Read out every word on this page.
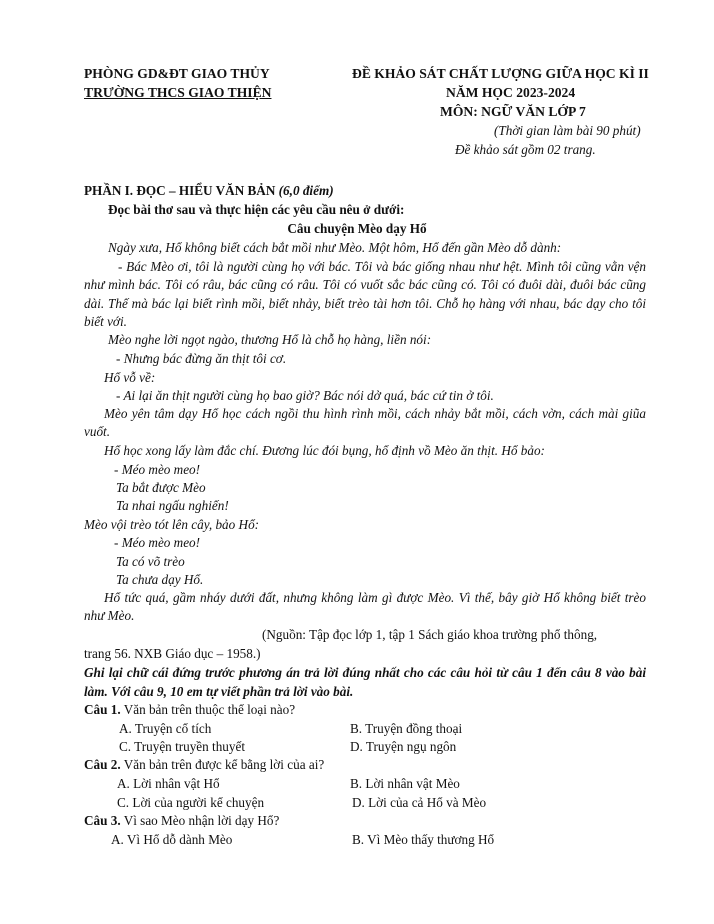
PHÒNG GD&ĐT GIAO THỦY
TRƯỜNG THCS GIAO THIỆN
ĐỀ KHẢO SÁT CHẤT LƯỢNG GIỮA HỌC KÌ II
NĂM HỌC 2023-2024
MÔN: NGỮ VĂN LỚP 7
(Thời gian làm bài 90 phút)
Đề khảo sát gồm 02 trang.
PHẦN I. ĐỌC – HIỂU VĂN BẢN (6,0 điểm)
Đọc bài thơ sau và thực hiện các yêu cầu nêu ở dưới:
Câu chuyện Mèo dạy Hổ
Ngày xưa, Hổ không biết cách bắt mồi như Mèo. Một hôm, Hổ đến gần Mèo dỗ dành:
- Bác Mèo ơi, tôi là người cùng họ với bác. Tôi và bác giống nhau như hệt. Mình tôi cũng vằn vện như mình bác. Tôi có râu, bác cũng có râu. Tôi có vuốt sắc bác cũng có. Tôi có đuôi dài, đuôi bác cũng dài. Thế mà bác lại biết rình mồi, biết nhảy, biết trèo tài hơn tôi. Chỗ họ hàng với nhau, bác dạy cho tôi biết với.
Mèo nghe lời ngọt ngào, thương Hổ là chỗ họ hàng, liền nói:
- Nhưng bác đừng ăn thịt tôi cơ.
Hổ vỗ về:
- Ai lại ăn thịt người cùng họ bao giờ? Bác nói dở quá, bác cứ tin ở tôi.
Mèo yên tâm dạy Hổ học cách ngồi thu hình rình mồi, cách nhảy bắt mồi, cách vờn, cách mài giũa vuốt.
Hổ học xong lấy làm đắc chí. Đương lúc đói bụng, hổ định vồ Mèo ăn thịt. Hổ bảo:
- Méo mèo meo!
Ta bắt được Mèo
Ta nhai ngấu nghiến!
Mèo vội trèo tót lên cây, bảo Hổ:
- Méo mèo meo!
Ta có võ trèo
Ta chưa dạy Hổ.
Hổ tức quá, gầm nháy dưới đất, nhưng không làm gì được Mèo. Vì thế, bây giờ Hổ không biết trèo như Mèo.
(Nguồn: Tập đọc lớp 1, tập 1 Sách giáo khoa trường phổ thông,
trang 56. NXB Giáo dục – 1958.)
Ghi lại chữ cái đứng trước phương án trả lời đúng nhất cho các câu hỏi từ câu 1 đến câu 8 vào bài làm. Với câu 9, 10 em tự viết phần trả lời vào bài.
Câu 1. Văn bản trên thuộc thể loại nào?
A. Truyện cổ tích	B. Truyện đồng thoại
C. Truyện truyền thuyết	D. Truyện ngụ ngôn
Câu 2. Văn bản trên được kể bằng lời của ai?
A. Lời nhân vật Hổ	B. Lời nhân vật Mèo
C. Lời của người kể chuyện	D. Lời của cả Hổ và Mèo
Câu 3. Vì sao Mèo nhận lời dạy Hổ?
A. Vì Hổ dỗ dành Mèo	B. Vì Mèo thấy thương Hổ
